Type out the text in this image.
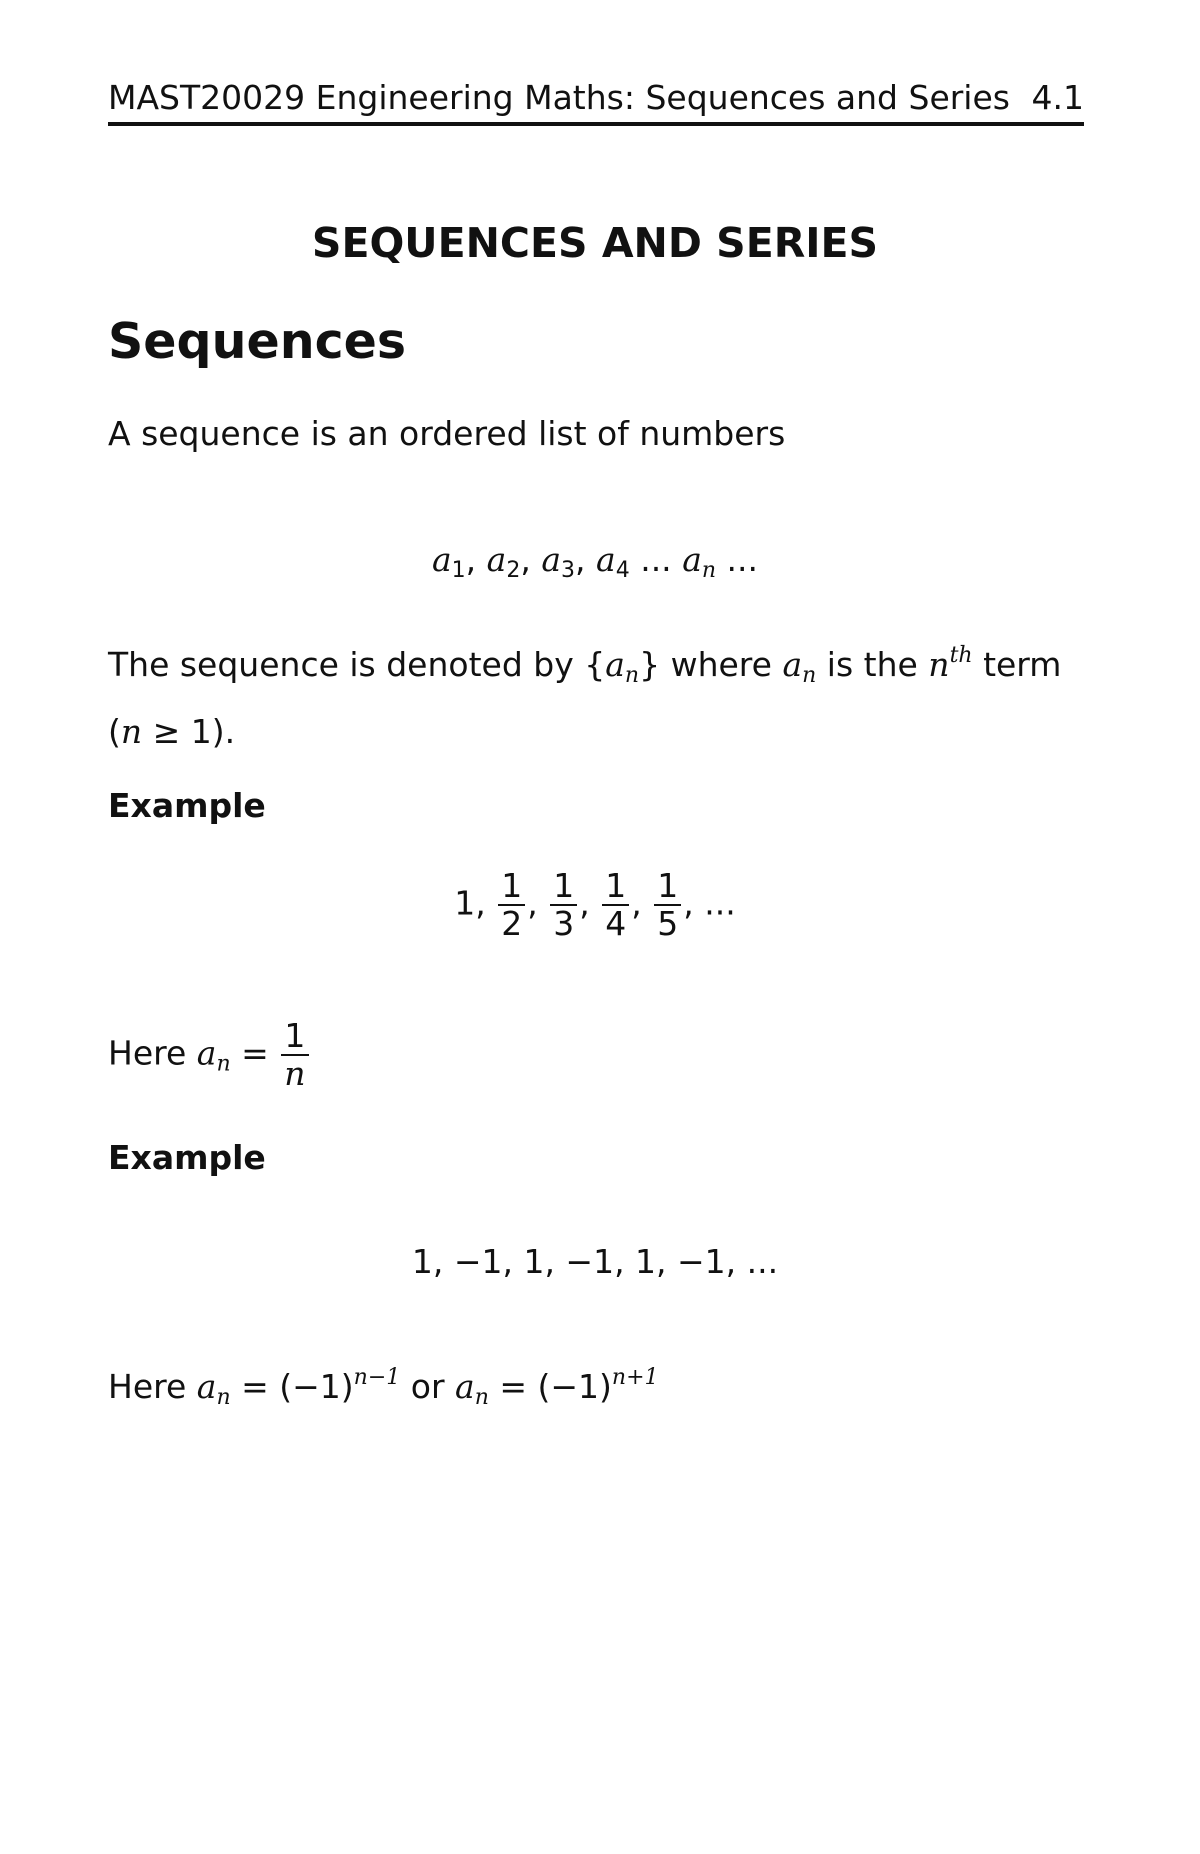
MAST20029 Engineering Maths: Sequences and Series 4.1
SEQUENCES AND SERIES
Sequences
A sequence is an ordered list of numbers
$a_1$, $a_2$, $a_3$, $a_4$ ... $a_n$ ...
The sequence is denoted by $\{a_n\}$ where $a_n$ is the $n^{th}$ term
(n ≥ 1).
Example
1, $\frac{1}{2}$ , $\frac{1}{3}$ , $\frac{1}{4}$ , $\frac{1}{5}$ , ...
Here $a_n = \frac{1}{n}$
Example
1, −1, 1, −1, 1, −1, ...
Here $a_n = (-1)^{n-1}$ or $a_n = (-1)^{n+1}$
